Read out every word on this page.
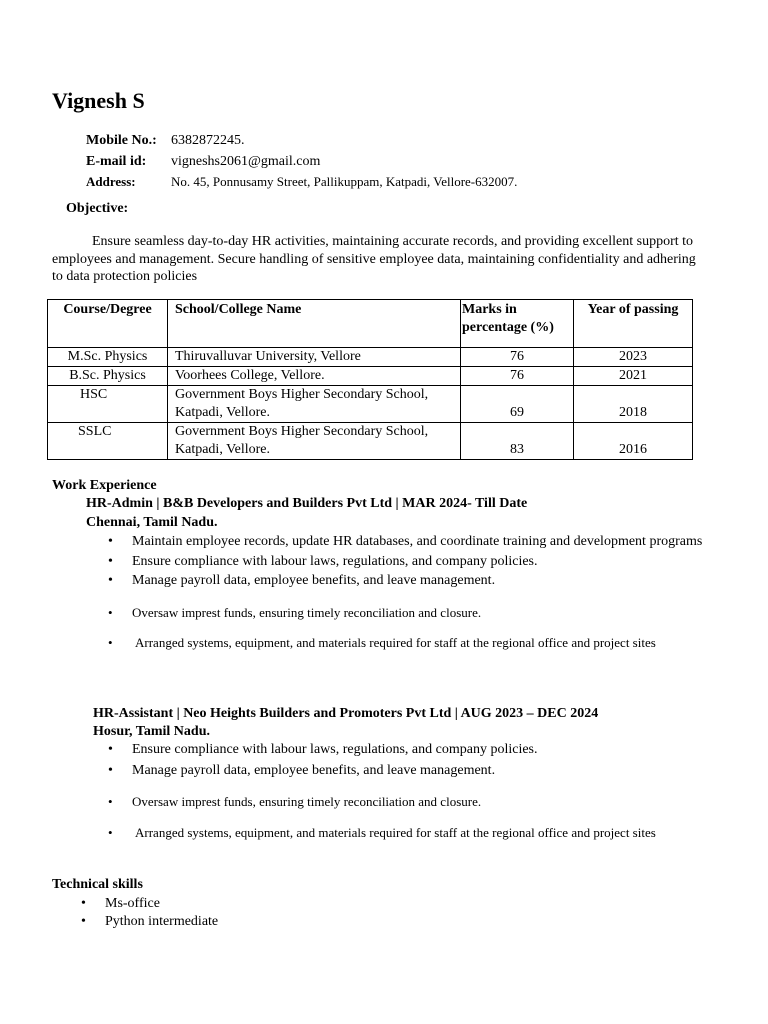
Vignesh S
Mobile No.: 6382872245.
E-mail id: vigneshs2061@gmail.com
Address:	No. 45, Ponnusamy Street, Pallikuppam, Katpadi, Vellore-632007.
Objective:
Ensure seamless day-to-day HR activities, maintaining accurate records, and providing excellent support to employees and management. Secure handling of sensitive employee data, maintaining confidentiality and adhering to data protection policies
Course/Degree	School/College Name	Marks in percentage (%)	Year of passing
M.Sc. Physics	Thiruvalluvar University, Vellore	76	2023
B.Sc. Physics	Voorhees College, Vellore.	76	2021
HSC	Government Boys Higher Secondary School, Katpadi, Vellore.	69	2018
SSLC	Government Boys Higher Secondary School, Katpadi, Vellore.	83	2016
Work Experience
HR-Admin | B&B Developers and Builders Pvt Ltd | MAR 2024- Till Date
Chennai, Tamil Nadu.
• Maintain employee records, update HR databases, and coordinate training and development programs
• Ensure compliance with labour laws, regulations, and company policies.
• Manage payroll data, employee benefits, and leave management.
• Oversaw imprest funds, ensuring timely reconciliation and closure.
• Arranged systems, equipment, and materials required for staff at the regional office and project sites
HR-Assistant | Neo Heights Builders and Promoters Pvt Ltd | AUG 2023 – DEC 2024
Hosur, Tamil Nadu.
• Ensure compliance with labour laws, regulations, and company policies.
• Manage payroll data, employee benefits, and leave management.
• Oversaw imprest funds, ensuring timely reconciliation and closure.
• Arranged systems, equipment, and materials required for staff at the regional office and project sites
Technical skills
• Ms-office
• Python intermediate
